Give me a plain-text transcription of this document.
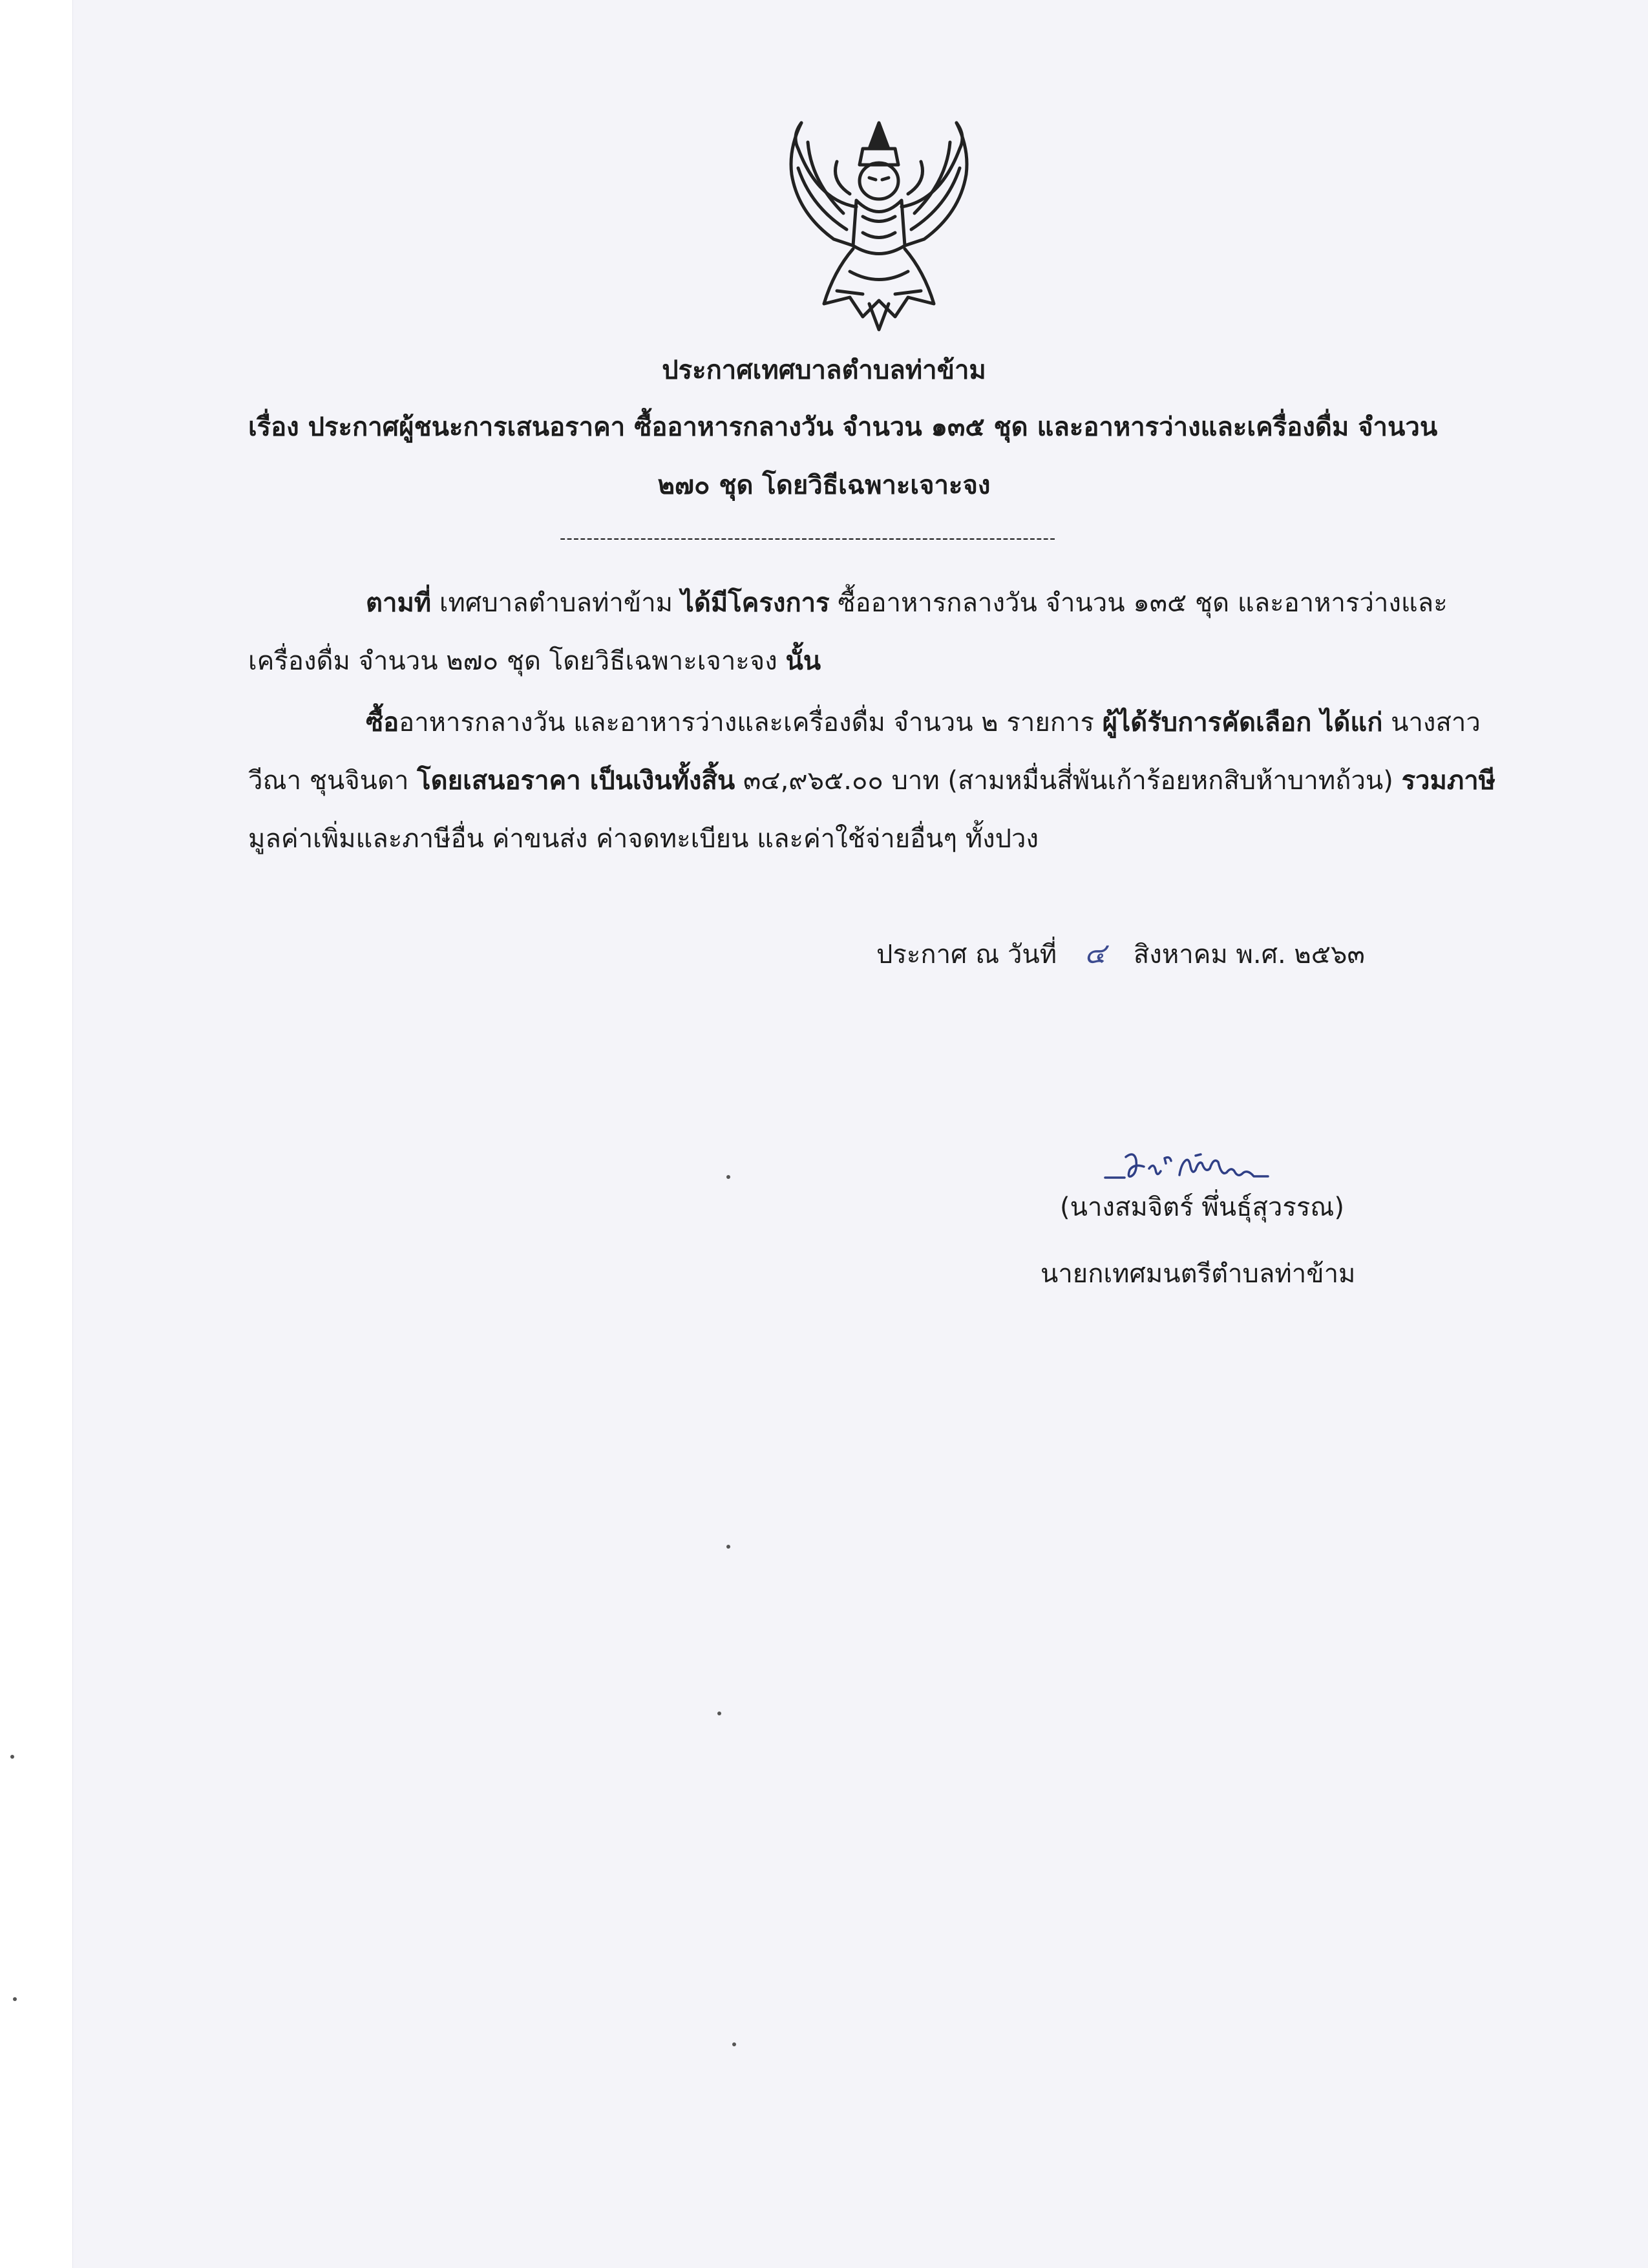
ประกาศเทศบาลตำบลท่าข้าม
เรื่อง ประกาศผู้ชนะการเสนอราคา ซื้ออาหารกลางวัน จำนวน ๑๓๕ ชุด และอาหารว่างและเครื่องดื่ม จำนวน
๒๗๐ ชุด โดยวิธีเฉพาะเจาะจง
--------------------------------------------------------------------------
ตามที่ เทศบาลตำบลท่าข้าม ได้มีโครงการ ซื้ออาหารกลางวัน จำนวน ๑๓๕ ชุด และอาหารว่างและ
เครื่องดื่ม จำนวน ๒๗๐ ชุด โดยวิธีเฉพาะเจาะจง นั้น
ซื้ออาหารกลางวัน และอาหารว่างและเครื่องดื่ม จำนวน ๒ รายการ ผู้ได้รับการคัดเลือก ได้แก่ นางสาว
วีณา ชุนจินดา โดยเสนอราคา เป็นเงินทั้งสิ้น ๓๔,๙๖๕.๐๐ บาท (สามหมื่นสี่พันเก้าร้อยหกสิบห้าบาทถ้วน) รวมภาษี
มูลค่าเพิ่มและภาษีอื่น ค่าขนส่ง ค่าจดทะเบียน และค่าใช้จ่ายอื่นๆ ทั้งปวง
ประกาศ ณ วันที่ ๔ สิงหาคม พ.ศ. ๒๕๖๓
(นางสมจิตร์ พึ่นธุ์สุวรรณ)
นายกเทศมนตรีตำบลท่าข้าม
